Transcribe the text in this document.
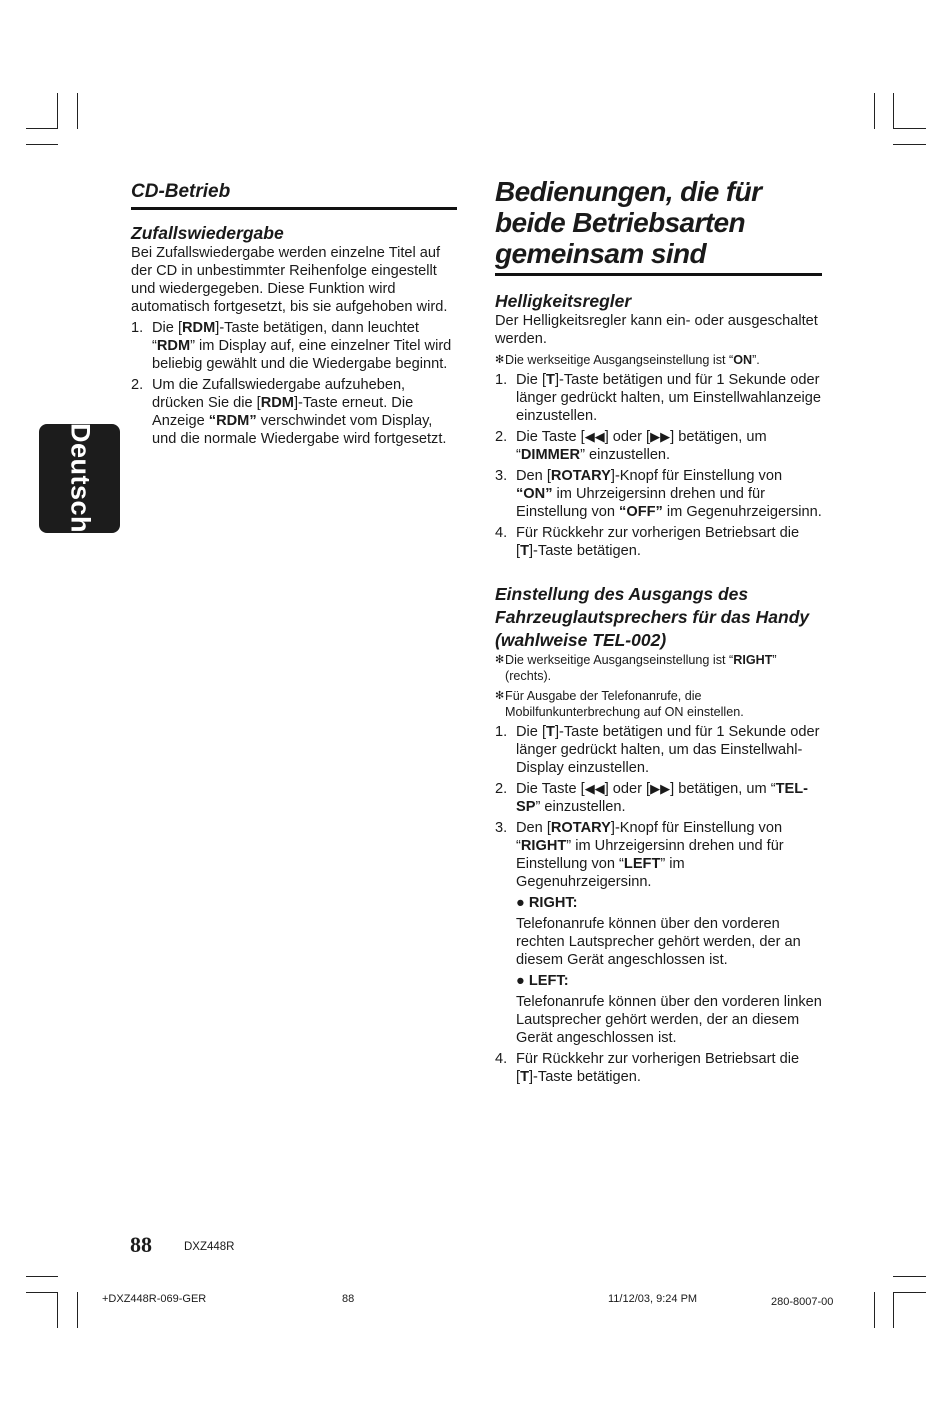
Deutsch
CD-Betrieb
Zufallswiedergabe

Bei Zufallswiedergabe werden einzelne Titel auf der CD in unbestimmter Reihenfolge eingestellt und wiedergegeben. Diese Funktion wird automatisch fortgesetzt, bis sie aufgehoben wird.

1. Die [RDM]-Taste betätigen, dann leuchtet “RDM” im Display auf, eine einzelner Titel wird beliebig gewählt und die Wiedergabe beginnt.
2. Um die Zufallswiedergabe aufzuheben, drücken Sie die [RDM]-Taste erneut. Die Anzeige “RDM” verschwindet vom Display, und die normale Wiedergabe wird fortgesetzt.
Bedienungen, die für beide Betriebsarten gemeinsam sind
Helligkeitsregler

Der Helligkeitsregler kann ein- oder ausgeschaltet werden.

✻ Die werkseitige Ausgangseinstellung ist “ON”.
1. Die [T]-Taste betätigen und für 1 Sekunde oder länger gedrückt halten, um Einstellwahlanzeige einzustellen.
2. Die Taste [◀◀] oder [▶▶] betätigen, um “DIMMER” einzustellen.
3. Den [ROTARY]-Knopf für Einstellung von “ON” im Uhrzeigersinn drehen und für Einstellung von “OFF” im Gegenuhrzeigersinn.
4. Für Rückkehr zur vorherigen Betriebsart die [T]-Taste betätigen.
Einstellung des Ausgangs des Fahrzeuglautsprechers für das Handy (wahlweise TEL-002)
✻ Die werkseitige Ausgangseinstellung ist “RIGHT” (rechts).
✻ Für Ausgabe der Telefonanrufe, die Mobilfunkunterbrechung auf ON einstellen.
1. Die [T]-Taste betätigen und für 1 Sekunde oder länger gedrückt halten, um das Einstellwahl-Display einzustellen.
2. Die Taste [◀◀] oder [▶▶] betätigen, um “TEL-SP” einzustellen.
3. Den [ROTARY]-Knopf für Einstellung von “RIGHT” im Uhrzeigersinn drehen und für Einstellung von “LEFT” im Gegenuhrzeigersinn.
● RIGHT:
Telefonanrufe können über den vorderen rechten Lautsprecher gehört werden, der an diesem Gerät angeschlossen ist.
● LEFT:
Telefonanrufe können über den vorderen linken Lautsprecher gehört werden, der an diesem Gerät angeschlossen ist.
4. Für Rückkehr zur vorherigen Betriebsart die [T]-Taste betätigen.
88	DXZ448R
+DXZ448R-069-GER	88	11/12/03, 9:24 PM	280-8007-00
